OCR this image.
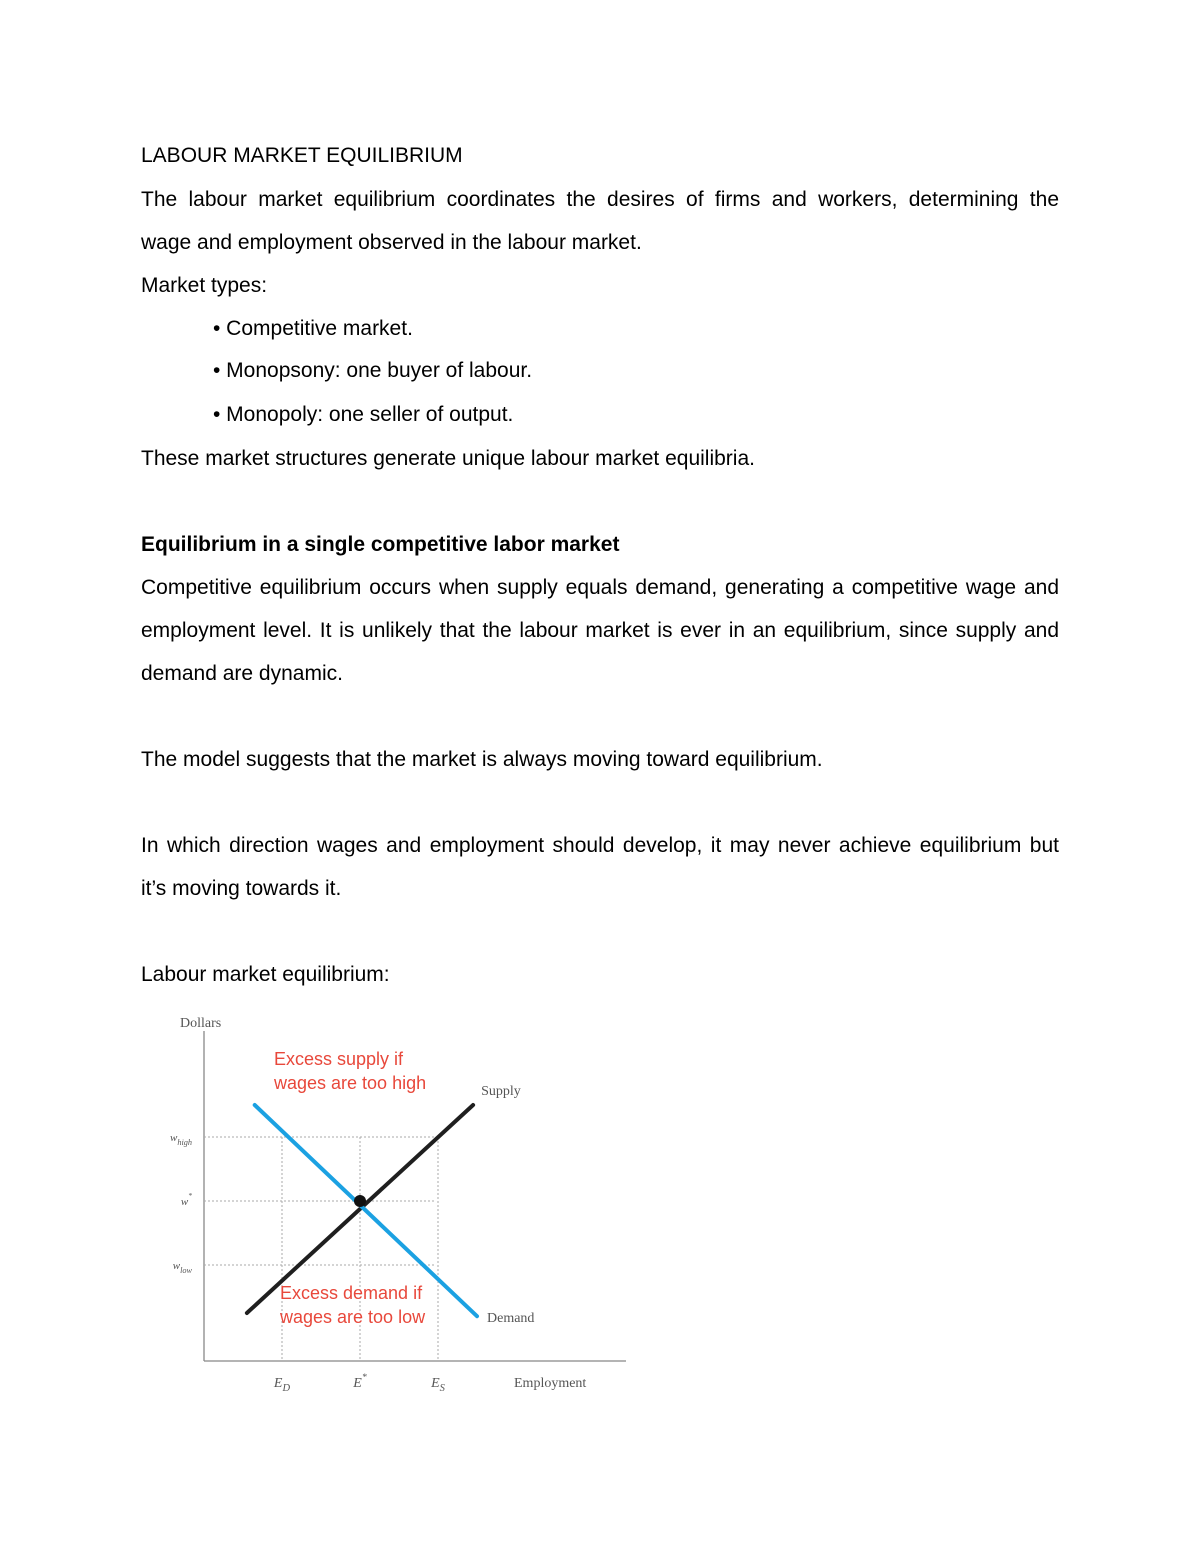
LABOUR MARKET EQUILIBRIUM
The labour market equilibrium coordinates the desires of firms and workers, determining the
wage and employment observed in the labour market.
Market types:
• Competitive market.
• Monopsony: one buyer of labour.
• Monopoly: one seller of output.
These market structures generate unique labour market equilibria.
Equilibrium in a single competitive labor market
Competitive equilibrium occurs when supply equals demand, generating a competitive wage and
employment level. It is unlikely that the labour market is ever in an equilibrium, since supply and
demand are dynamic.
The model suggests that the market is always moving toward equilibrium.
In which direction wages and employment should develop, it may never achieve equilibrium but
it’s moving towards it.
Labour market equilibrium:
Dollars
Employment
$w_{high}$
w*
$w_{low}$
$E_D$	E*	$E_S$
Supply
Demand
Excess supply if
wages are too high
Excess demand if
wages are too low
